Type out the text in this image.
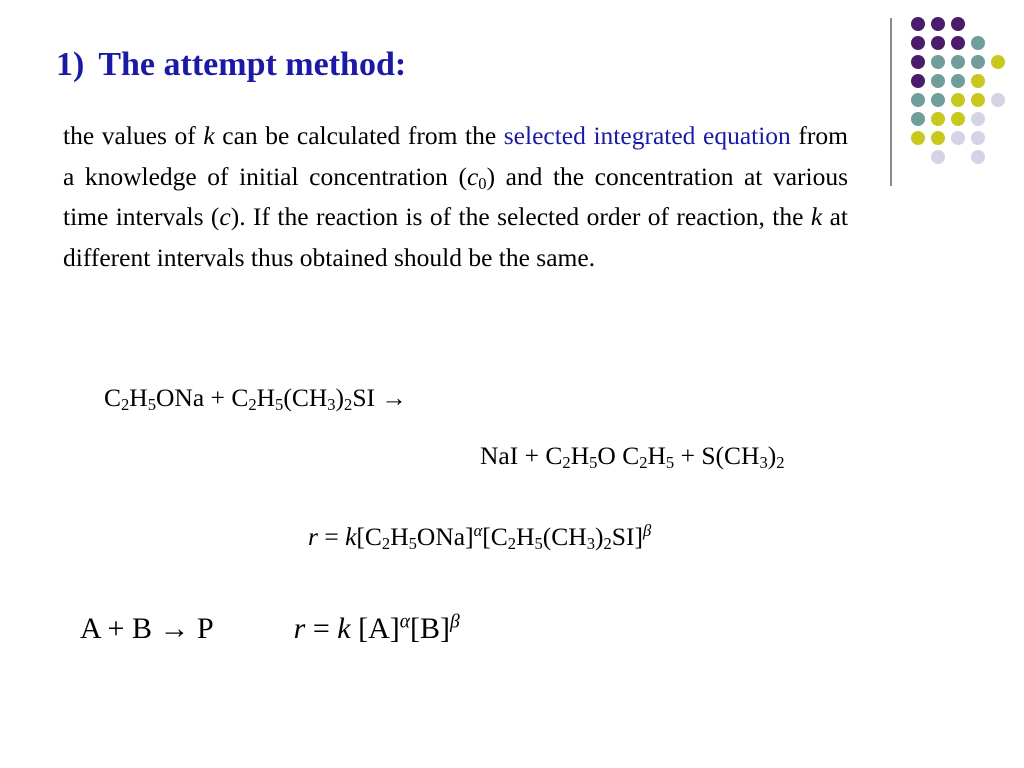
1) The attempt method:

the values of k can be calculated from the selected integrated equation from a knowledge of initial concentration $(c_0)$ and the concentration at various time intervals (c). If the reaction is of the selected order of reaction, the k at different intervals thus obtained should be the same.

$C_2H_5ONa + C_2H_5(CH_3)_2SI$ →
NaI + $C_2H_5O$ $C_2H_5 + S(CH_3)_2$
$r = k[C_2H_5ONa]^\alpha[C_2H_5(CH_3)_2SI]^\beta$
A + B → P	r = k $[A]^\alpha[B]^\beta$
